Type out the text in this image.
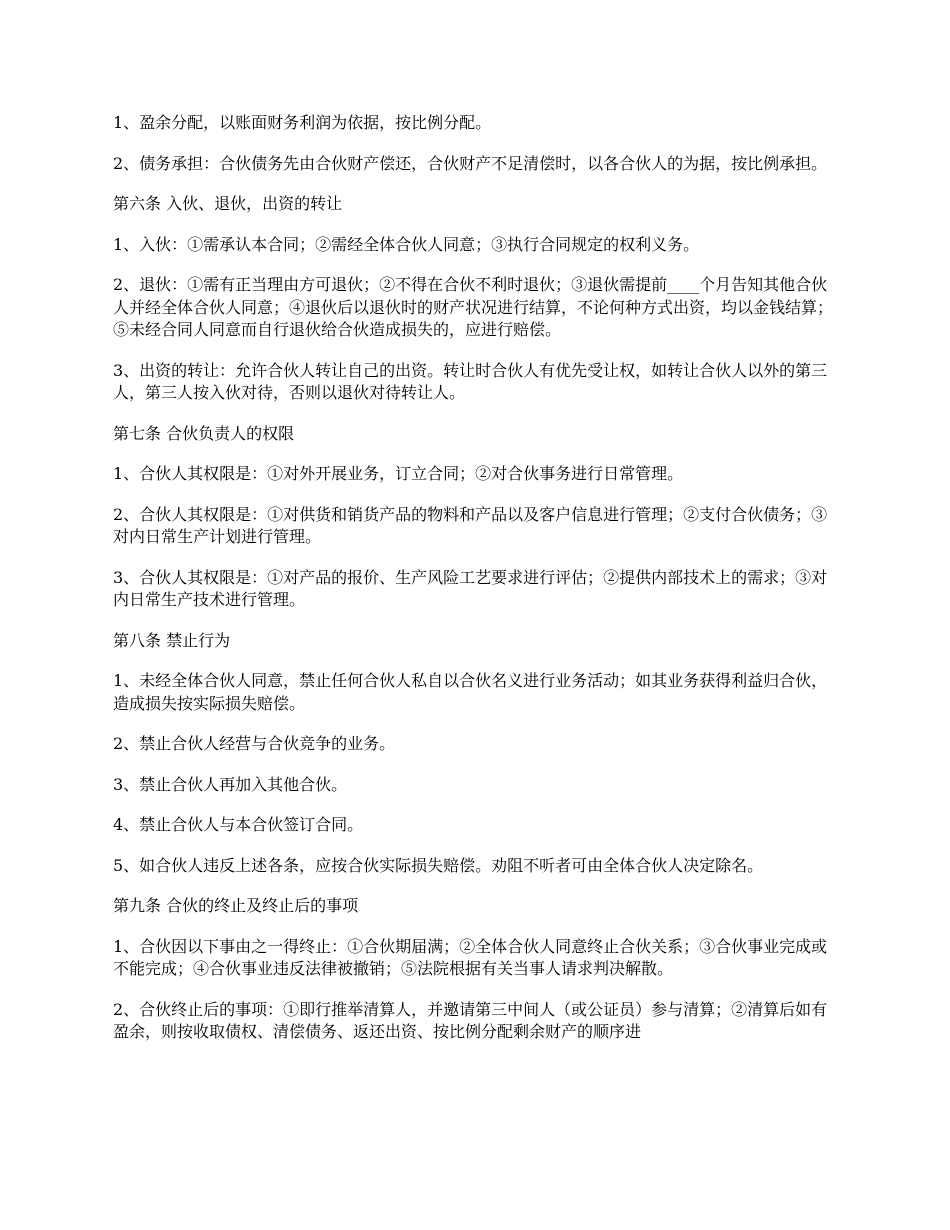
1、盈余分配，以账面财务利润为依据，按比例分配。

2、债务承担：合伙债务先由合伙财产偿还，合伙财产不足清偿时，以各合伙人的为据，按比例承担。

第六条 入伙、退伙，出资的转让

1、入伙：①需承认本合同；②需经全体合伙人同意；③执行合同规定的权利义务。

2、退伙：①需有正当理由方可退伙；②不得在合伙不利时退伙；③退伙需提前____个月告知其他合伙人并经全体合伙人同意；④退伙后以退伙时的财产状况进行结算，不论何种方式出资，均以金钱结算；⑤未经合同人同意而自行退伙给合伙造成损失的，应进行赔偿。

3、出资的转让：允许合伙人转让自己的出资。转让时合伙人有优先受让权，如转让合伙人以外的第三人，第三人按入伙对待，否则以退伙对待转让人。

第七条 合伙负责人的权限

1、合伙人其权限是：①对外开展业务，订立合同；②对合伙事务进行日常管理。

2、合伙人其权限是：①对供货和销货产品的物料和产品以及客户信息进行管理；②支付合伙债务；③对内日常生产计划进行管理。

3、合伙人其权限是：①对产品的报价、生产风险工艺要求进行评估；②提供内部技术上的需求；③对内日常生产技术进行管理。

第八条 禁止行为

1、未经全体合伙人同意，禁止任何合伙人私自以合伙名义进行业务活动；如其业务获得利益归合伙，造成损失按实际损失赔偿。

2、禁止合伙人经营与合伙竞争的业务。

3、禁止合伙人再加入其他合伙。

4、禁止合伙人与本合伙签订合同。

5、如合伙人违反上述各条，应按合伙实际损失赔偿。劝阻不听者可由全体合伙人决定除名。

第九条 合伙的终止及终止后的事项

1、合伙因以下事由之一得终止：①合伙期届满；②全体合伙人同意终止合伙关系；③合伙事业完成或不能完成；④合伙事业违反法律被撤销；⑤法院根据有关当事人请求判决解散。

2、合伙终止后的事项：①即行推举清算人，并邀请第三中间人（或公证员）参与清算；②清算后如有盈余，则按收取债权、清偿债务、返还出资、按比例分配剩余财产的顺序进
